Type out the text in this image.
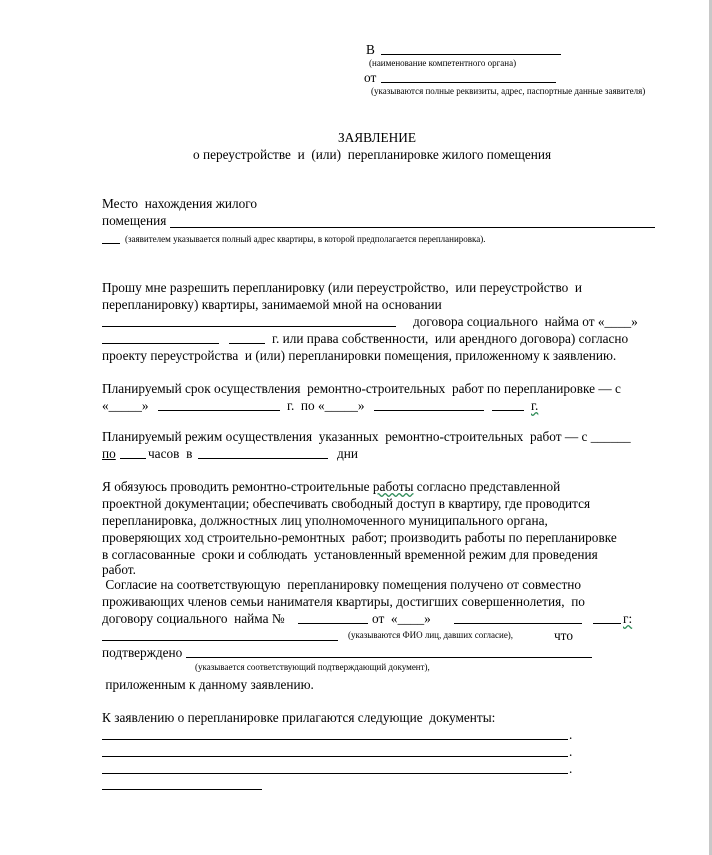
В
(наименование компетентного органа)
от
(указываются полные реквизиты, адрес, паспортные данные заявителя)
ЗАЯВЛЕНИЕ
о переустройстве  и  (или)  перепланировке жилого помещения
Место  нахождения жилого
помещения
(заявителем указывается полный адрес квартиры, в которой предполагается перепланировка).
Прошу мне разрешить перепланировку (или переустройство,  или переустройство  и
перепланировку) квартиры, занимаемой мной на основании
договора социального  найма от «____»
г. или права собственности,  или арендного договора) согласно
проекту переустройства  и (или) перепланировки помещения, приложенному к заявлению.
Планируемый срок осуществления  ремонтно-строительных  работ по перепланировке — с
«_____»	г.  по «_____»	г.
Планируемый режим осуществления  указанных  ремонтно-строительных  работ — с ______
по часов  в	дни
Я обязуюсь проводить ремонтно-строительные работы согласно представленной
проектной документации; обеспечивать свободный доступ в квартиру, где проводится
перепланировка, должностных лиц уполномоченного муниципального органа,
проверяющих ход строительно-ремонтных  работ; производить работы по перепланировке
в согласованные  сроки и соблюдать  установленный временной режим для проведения
работ.
Согласие на соответствующую  перепланировку помещения получено от совместно
проживающих членов семьи нанимателя квартиры, достигших совершеннолетия,  по
договору социального  найма №	от  «____»	г:
(указываются ФИО лиц, давших согласие),	что
подтверждено
(указывается соответствующий подтверждающий документ),
приложенным к данному заявлению.
К заявлению о перепланировке прилагаются следующие  документы:
.
.
.
